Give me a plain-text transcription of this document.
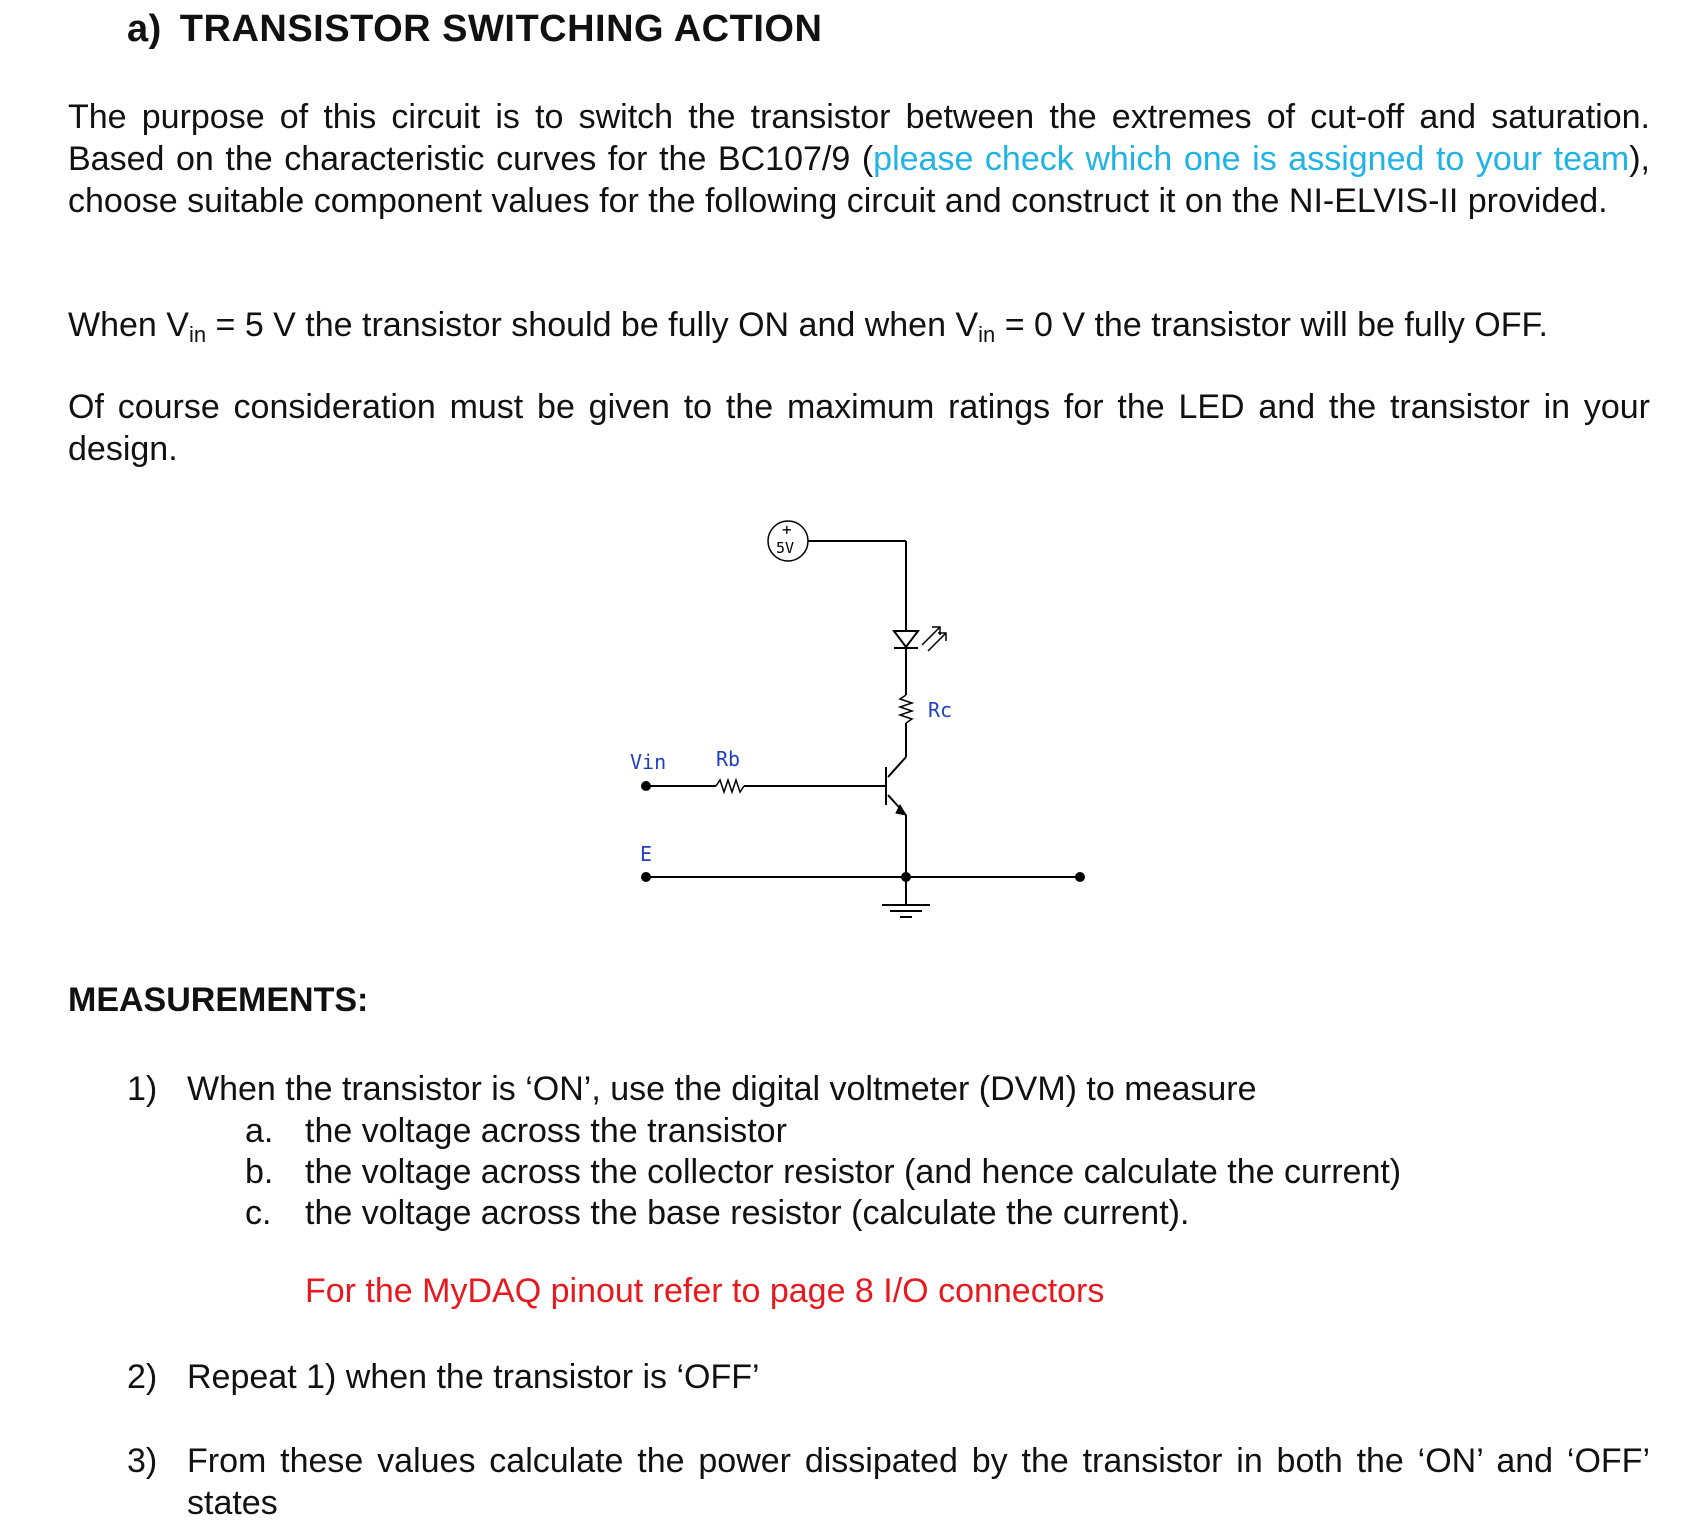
a) TRANSISTOR SWITCHING ACTION

The purpose of this circuit is to switch the transistor between the extremes of cut-off and saturation. Based on the characteristic curves for the BC107/9 (please check which one is assigned to your team), choose suitable component values for the following circuit and construct it on the NI-ELVIS-II provided.

When $V_{in} = 5$ V the transistor should be fully ON and when $V_{in} = 0$ V the transistor will be fully OFF.

Of course consideration must be given to the maximum ratings for the LED and the transistor in your design.

+
5V
Rc
Rb
Vin
E
MEASUREMENTS:
1) When the transistor is ‘ON’, use the digital voltmeter (DVM) to measure
a. the voltage across the transistor
b. the voltage across the collector resistor (and hence calculate the current)
c. the voltage across the base resistor (calculate the current).

For the MyDAQ pinout refer to page 8 I/O connectors

2) Repeat 1) when the transistor is ‘OFF’
3) From these values calculate the power dissipated by the transistor in both the ‘ON’ and ‘OFF’ states
